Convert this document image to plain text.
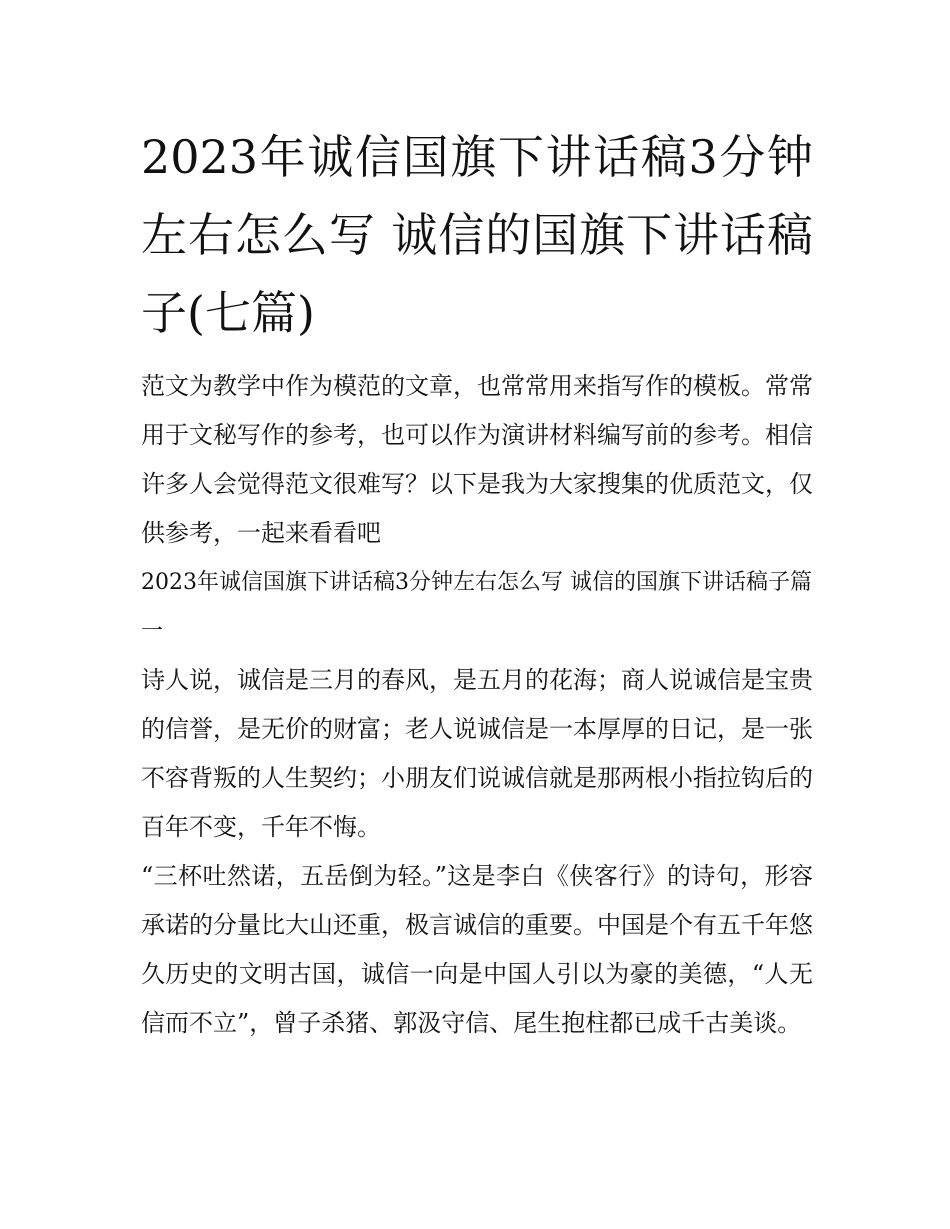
2023年诚信国旗下讲话稿3分钟左右怎么写 诚信的国旗下讲话稿子(七篇)

范文为教学中作为模范的文章，也常常用来指写作的模板。常常用于文秘写作的参考，也可以作为演讲材料编写前的参考。相信许多人会觉得范文很难写？以下是我为大家搜集的优质范文，仅供参考，一起来看看吧

2023年诚信国旗下讲话稿3分钟左右怎么写 诚信的国旗下讲话稿子篇一

诗人说，诚信是三月的春风，是五月的花海；商人说诚信是宝贵的信誉，是无价的财富；老人说诚信是一本厚厚的日记，是一张不容背叛的人生契约；小朋友们说诚信就是那两根小指拉钩后的百年不变，千年不悔。

“三杯吐然诺，五岳倒为轻。”这是李白《侠客行》的诗句，形容承诺的分量比大山还重，极言诚信的重要。中国是个有五千年悠久历史的文明古国，诚信一向是中国人引以为豪的美德，“人无信而不立”，曾子杀猪、郭汲守信、尾生抱柱都已成千古美谈。
